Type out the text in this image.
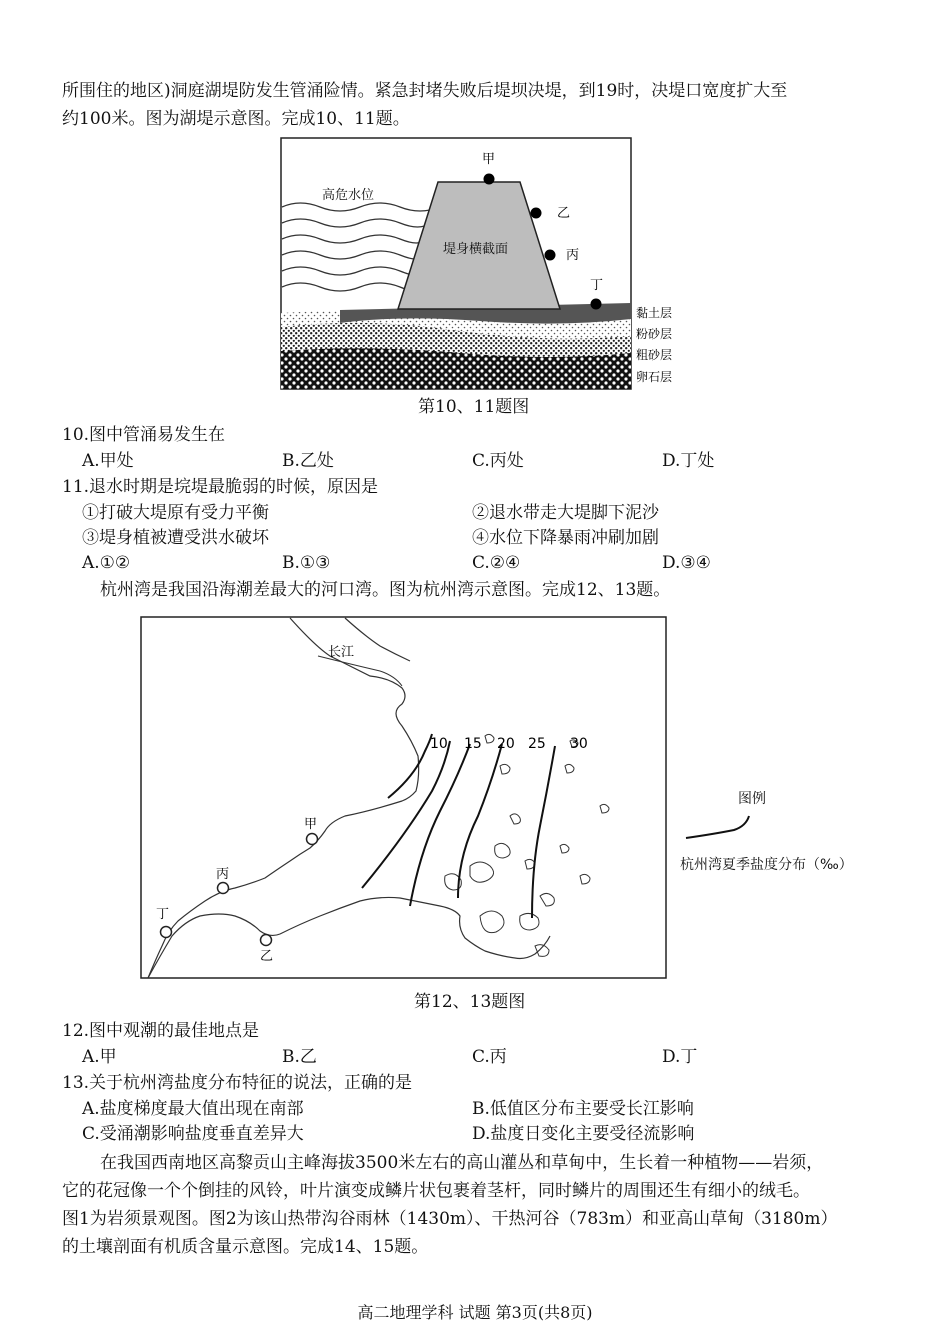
所围住的地区)洞庭湖堤防发生管涌险情。紧急封堵失败后堤坝决堤，到19时，决堤口宽度扩大至
约100米。图为湖堤示意图。完成10、11题。
高危水位
堤身横截面
甲
乙
丙
丁
黏土层
粉砂层
粗砂层
卵石层
第10、11题图
10.图中管涌易发生在
A.甲处	B.乙处	C.丙处	D.丁处
11.退水时期是垸堤最脆弱的时候，原因是
①打破大堤原有受力平衡	②退水带走大堤脚下泥沙
③堤身植被遭受洪水破坏	④水位下降暴雨冲刷加剧
A.①②	B.①③	C.②④	D.③④
杭州湾是我国沿海潮差最大的河口湾。图为杭州湾示意图。完成12、13题。
长江
10 15 20 25 30
甲
乙
丙
丁
图例
杭州湾夏季盐度分布（‰）
第12、13题图
12.图中观潮的最佳地点是
A.甲	B.乙	C.丙	D.丁
13.关于杭州湾盐度分布特征的说法，正确的是
A.盐度梯度最大值出现在南部	B.低值区分布主要受长江影响
C.受涌潮影响盐度垂直差异大	D.盐度日变化主要受径流影响
在我国西南地区高黎贡山主峰海拔3500米左右的高山灌丛和草甸中，生长着一种植物——岩须，
它的花冠像一个个倒挂的风铃，叶片演变成鳞片状包裹着茎杆，同时鳞片的周围还生有细小的绒毛。
图1为岩须景观图。图2为该山热带沟谷雨林（1430m）、干热河谷（783m）和亚高山草甸（3180m）
的土壤剖面有机质含量示意图。完成14、15题。
高二地理学科 试题 第3页(共8页)
